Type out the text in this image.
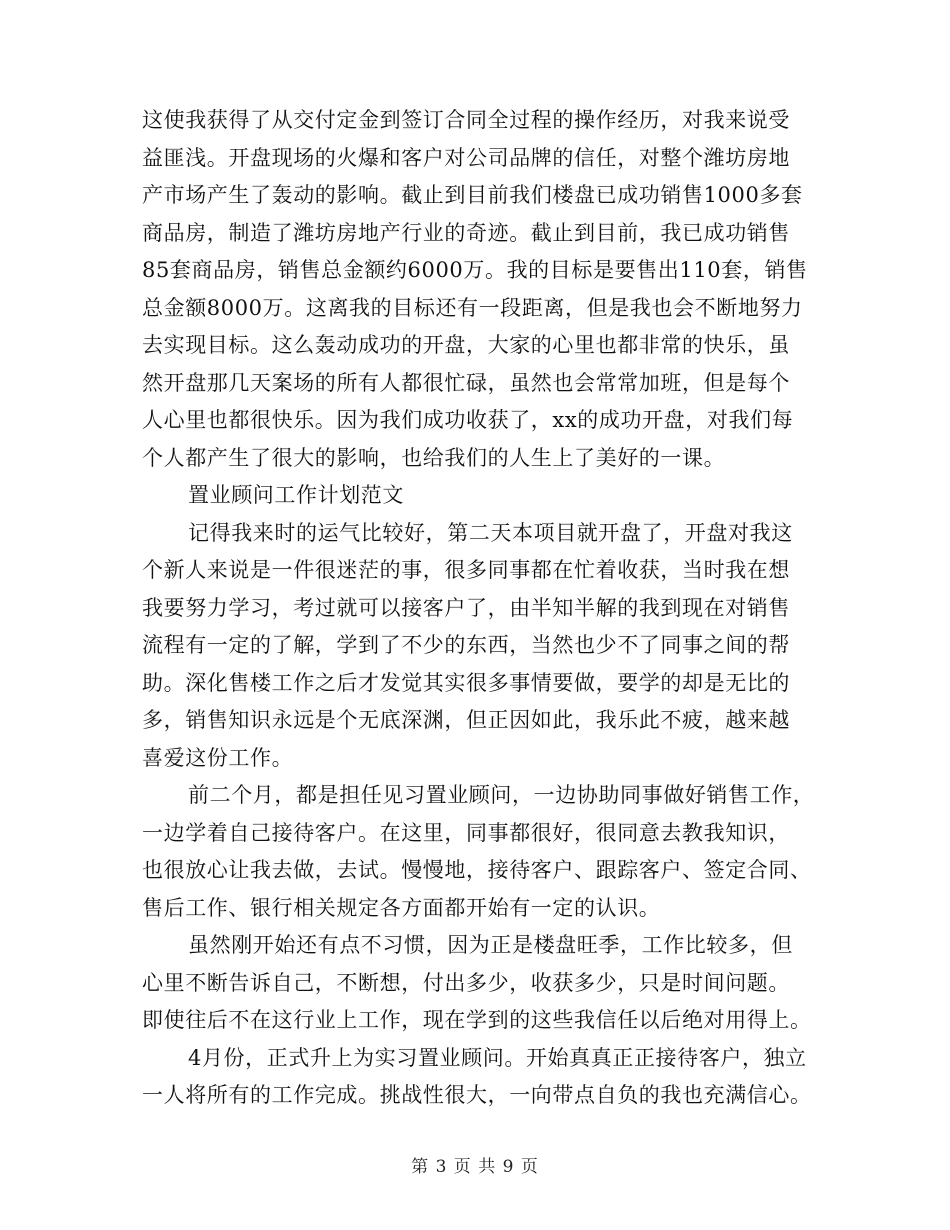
这使我获得了从交付定金到签订合同全过程的操作经历，对我来说受
益匪浅。开盘现场的火爆和客户对公司品牌的信任，对整个潍坊房地
产市场产生了轰动的影响。截止到目前我们楼盘已成功销售1000多套
商品房，制造了潍坊房地产行业的奇迹。截止到目前，我已成功销售
85套商品房，销售总金额约6000万。我的目标是要售出110套，销售
总金额8000万。这离我的目标还有一段距离，但是我也会不断地努力
去实现目标。这么轰动成功的开盘，大家的心里也都非常的快乐，虽
然开盘那几天案场的所有人都很忙碌，虽然也会常常加班，但是每个
人心里也都很快乐。因为我们成功收获了，xx的成功开盘，对我们每
个人都产生了很大的影响，也给我们的人生上了美好的一课。
置业顾问工作计划范文
记得我来时的运气比较好，第二天本项目就开盘了，开盘对我这
个新人来说是一件很迷茫的事，很多同事都在忙着收获，当时我在想
我要努力学习，考过就可以接客户了，由半知半解的我到现在对销售
流程有一定的了解，学到了不少的东西，当然也少不了同事之间的帮
助。深化售楼工作之后才发觉其实很多事情要做，要学的却是无比的
多，销售知识永远是个无底深渊，但正因如此，我乐此不疲，越来越
喜爱这份工作。
前二个月，都是担任见习置业顾问，一边协助同事做好销售工作，
一边学着自己接待客户。在这里，同事都很好，很同意去教我知识，
也很放心让我去做，去试。慢慢地，接待客户、跟踪客户、签定合同、
售后工作、银行相关规定各方面都开始有一定的认识。
虽然刚开始还有点不习惯，因为正是楼盘旺季，工作比较多，但
心里不断告诉自己，不断想，付出多少，收获多少，只是时间问题。
即使往后不在这行业上工作，现在学到的这些我信任以后绝对用得上。
4月份，正式升上为实习置业顾问。开始真真正正接待客户，独立
一人将所有的工作完成。挑战性很大，一向带点自负的我也充满信心。
第 3 页 共 9 页
